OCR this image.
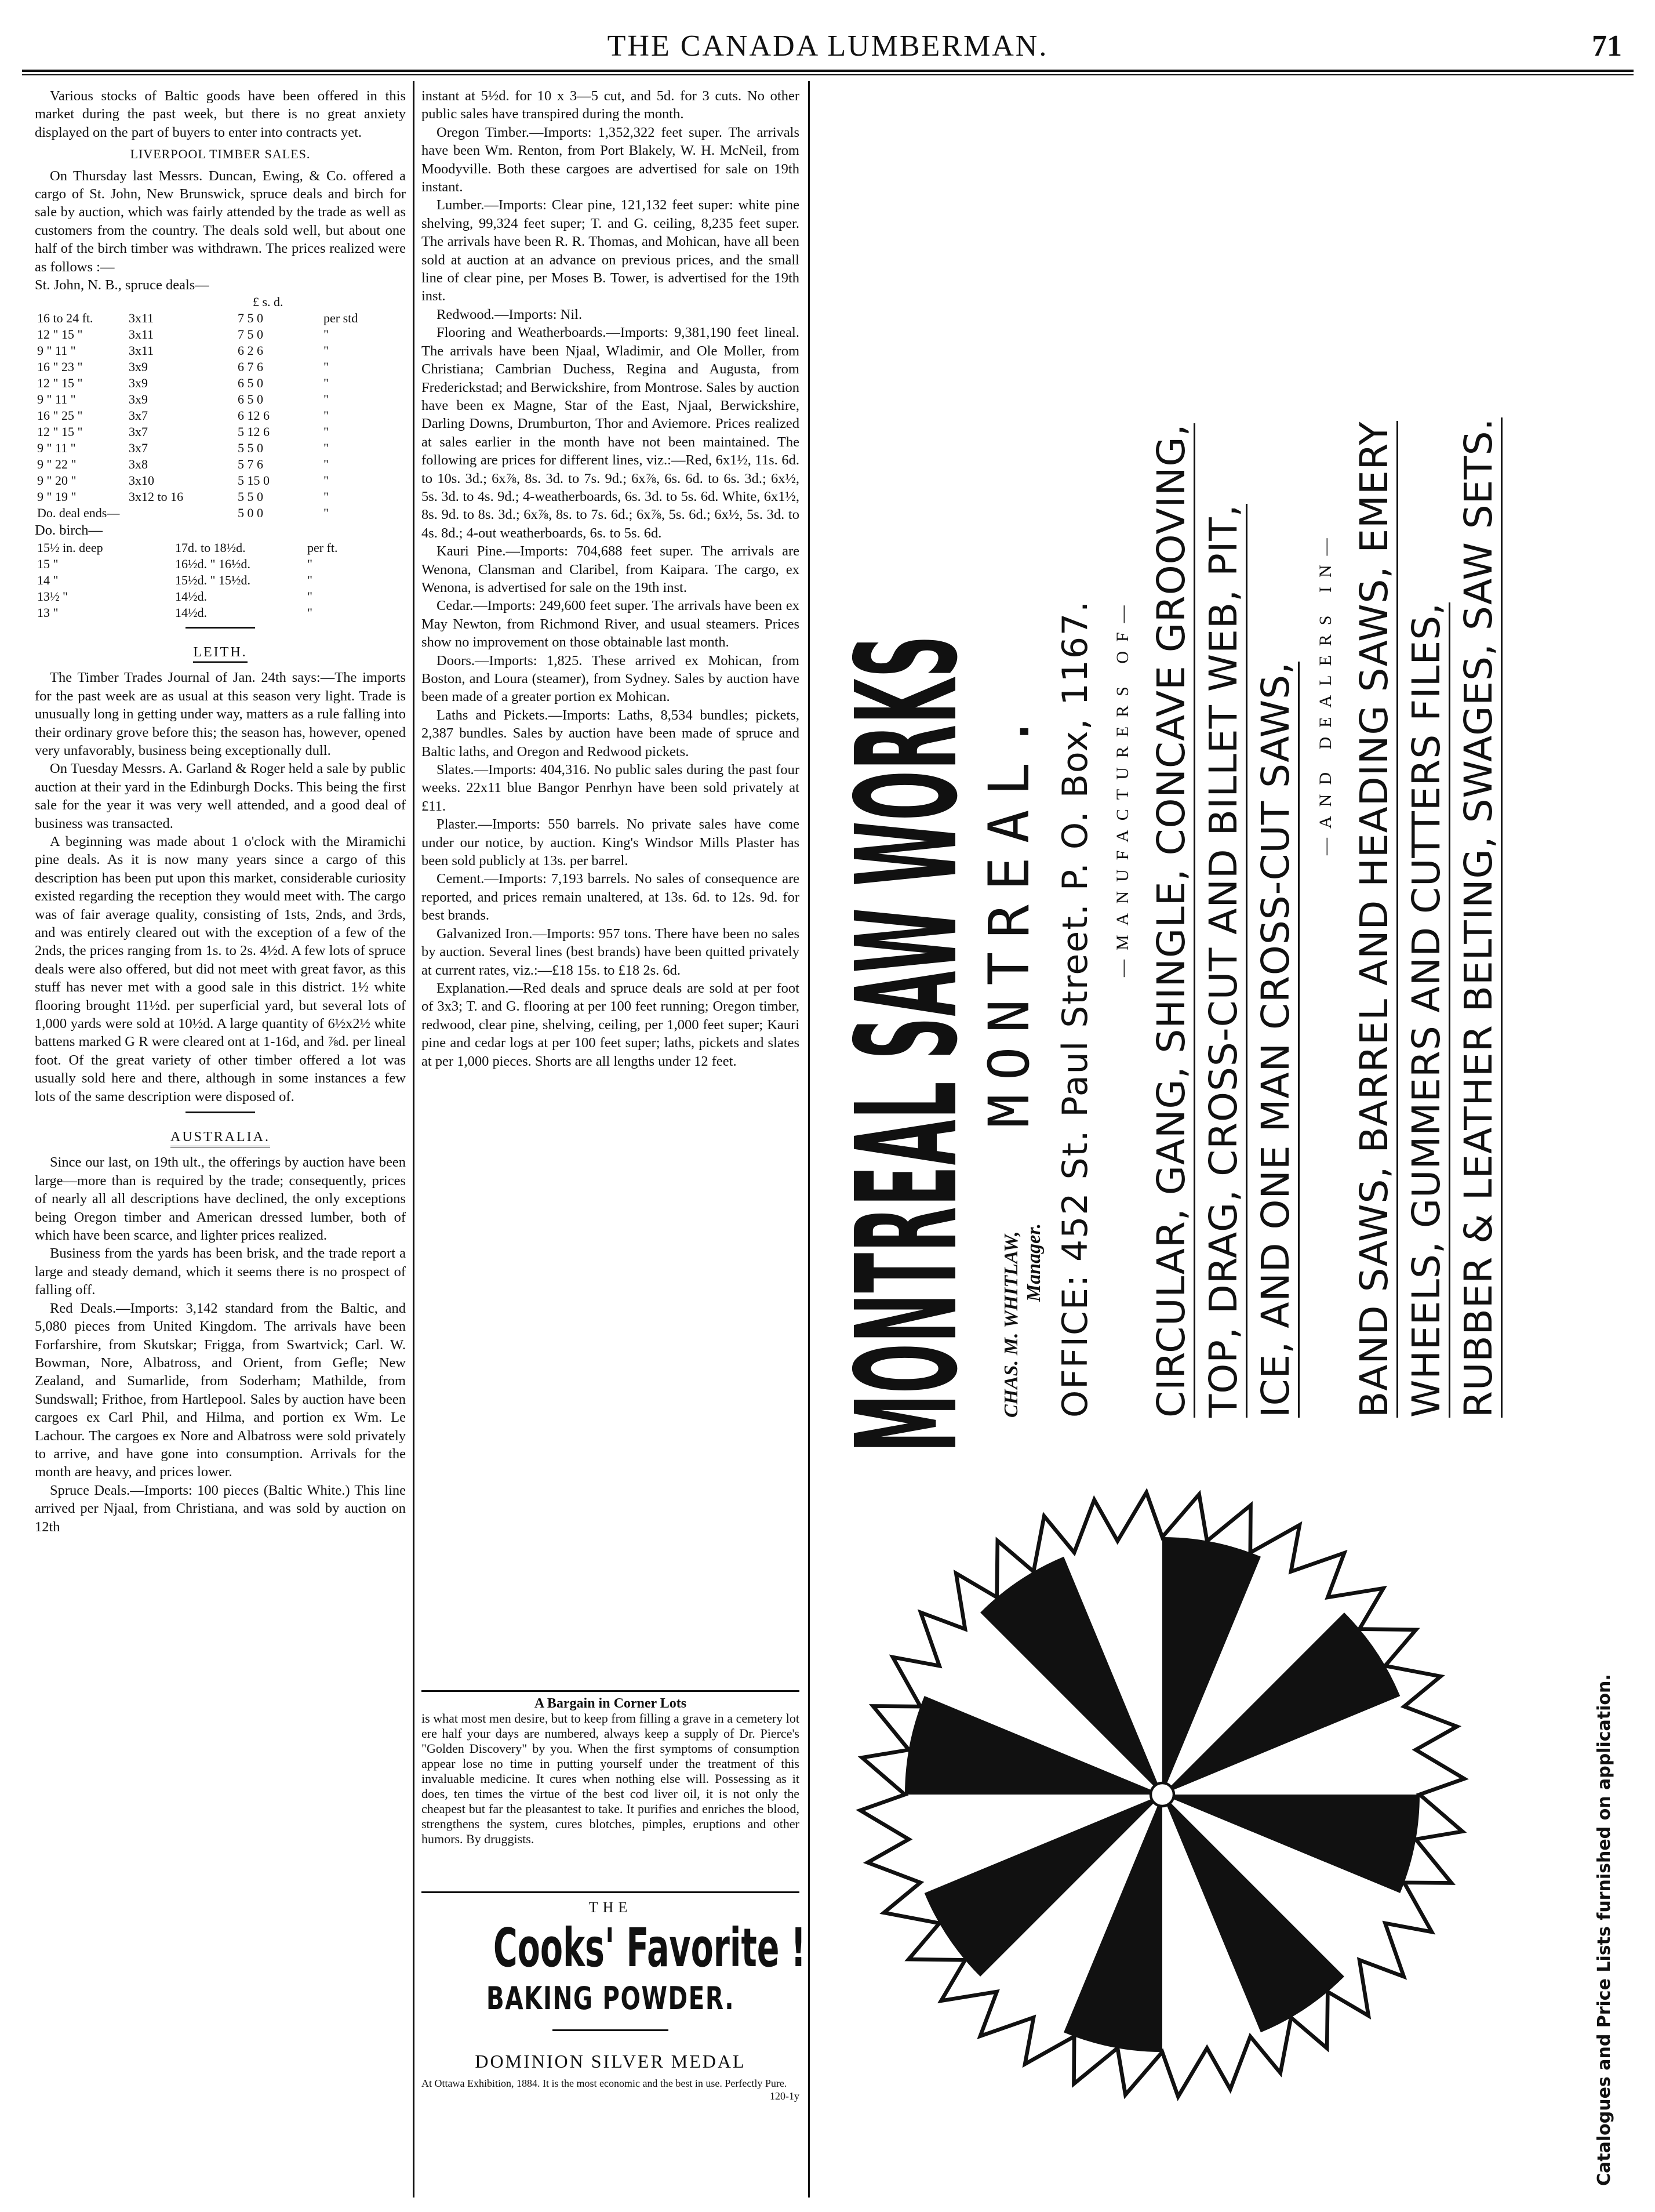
THE CANADA LUMBERMAN.	71

Various stocks of Baltic goods have been offered in this market during the past week, but there is no great anxiety displayed on the part of buyers to enter into contracts yet.

LIVERPOOL TIMBER SALES.

On Thursday last Messrs. Duncan, Ewing, & Co. offered a cargo of St. John, New Brunswick, spruce deals and birch for sale by auction, which was fairly attended by the trade as well as customers from the country. The deals sold well, but about one half of the birch timber was withdrawn. The prices realized were as follows :—

St. John, N. B., spruce deals—

		£ s. d.	
16 to 24 ft.	3x11	7 5 0	per std
12 " 15 "	3x11	7 5 0	"
9 " 11 "	3x11	6 2 6	"
16 " 23 "	3x9	6 7 6	"
12 " 15 "	3x9	6 5 0	"
9 " 11 "	3x9	6 5 0	"
16 " 25 "	3x7	6 12 6	"
12 " 15 "	3x7	5 12 6	"
9 " 11 "	3x7	5 5 0	"
9 " 22 "	3x8	5 7 6	"
9 " 20 "	3x10	5 15 0	"
9 " 19 "	3x12 to 16	5 5 0	"
Do. deal ends—		5 0 0	"

Do. birch—

15½ in. deep	17d. to 18½d.	per ft.
15 "	16½d. " 16½d.	"
14 "	15½d. " 15½d.	"
13½ "	14½d.	"
13 "	14½d.	"

LEITH.

The Timber Trades Journal of Jan. 24th says:—The imports for the past week are as usual at this season very light. Trade is unusually long in getting under way, matters as a rule falling into their ordinary grove before this; the season has, however, opened very unfavorably, business being exceptionally dull.

On Tuesday Messrs. A. Garland & Roger held a sale by public auction at their yard in the Edinburgh Docks. This being the first sale for the year it was very well attended, and a good deal of business was transacted.

A beginning was made about 1 o'clock with the Miramichi pine deals. As it is now many years since a cargo of this description has been put upon this market, considerable curiosity existed regarding the reception they would meet with. The cargo was of fair average quality, consisting of 1sts, 2nds, and 3rds, and was entirely cleared out with the exception of a few of the 2nds, the prices ranging from 1s. to 2s. 4½d. A few lots of spruce deals were also offered, but did not meet with great favor, as this stuff has never met with a good sale in this district. 1½ white flooring brought 11½d. per superficial yard, but several lots of 1,000 yards were sold at 10½d. A large quantity of 6½x2½ white battens marked G R were cleared ont at 1-16d, and ⅞d. per lineal foot. Of the great variety of other timber offered a lot was usually sold here and there, although in some instances a few lots of the same description were disposed of.

AUSTRALIA.

Since our last, on 19th ult., the offerings by auction have been large—more than is required by the trade; consequently, prices of nearly all all descriptions have declined, the only exceptions being Oregon timber and American dressed lumber, both of which have been scarce, and lighter prices realized.

Business from the yards has been brisk, and the trade report a large and steady demand, which it seems there is no prospect of falling off.

Red Deals.—Imports: 3,142 standard from the Baltic, and 5,080 pieces from United Kingdom. The arrivals have been Forfarshire, from Skutskar; Frigga, from Swartvick; Carl. W. Bowman, Nore, Albatross, and Orient, from Gefle; New Zealand, and Sumarlide, from Soderham; Mathilde, from Sundswall; Frithoe, from Hartlepool. Sales by auction have been cargoes ex Carl Phil, and Hilma, and portion ex Wm. Le Lachour. The cargoes ex Nore and Albatross were sold privately to arrive, and have gone into consumption. Arrivals for the month are heavy, and prices lower.

Spruce Deals.—Imports: 100 pieces (Baltic White.) This line arrived per Njaal, from Christiana, and was sold by auction on 12th

instant at 5½d. for 10 x 3—5 cut, and 5d. for 3 cuts. No other public sales have transpired during the month.

Oregon Timber.—Imports: 1,352,322 feet super. The arrivals have been Wm. Renton, from Port Blakely, W. H. McNeil, from Moodyville. Both these cargoes are advertised for sale on 19th instant.

Lumber.—Imports: Clear pine, 121,132 feet super: white pine shelving, 99,324 feet super; T. and G. ceiling, 8,235 feet super. The arrivals have been R. R. Thomas, and Mohican, have all been sold at auction at an advance on previous prices, and the small line of clear pine, per Moses B. Tower, is advertised for the 19th inst.

Redwood.—Imports: Nil.

Flooring and Weatherboards.—Imports: 9,381,190 feet lineal. The arrivals have been Njaal, Wladimir, and Ole Moller, from Christiana; Cambrian Duchess, Regina and Augusta, from Frederickstad; and Berwickshire, from Montrose. Sales by auction have been ex Magne, Star of the East, Njaal, Berwickshire, Darling Downs, Drumburton, Thor and Aviemore. Prices realized at sales earlier in the month have not been maintained. The following are prices for different lines, viz.:—Red, 6x1½, 11s. 6d. to 10s. 3d.; 6x⅞, 8s. 3d. to 7s. 9d.; 6x⅞, 6s. 6d. to 6s. 3d.; 6x½, 5s. 3d. to 4s. 9d.; 4-weatherboards, 6s. 3d. to 5s. 6d. White, 6x1½, 8s. 9d. to 8s. 3d.; 6x⅞, 8s. to 7s. 6d.; 6x⅞, 5s. 6d.; 6x½, 5s. 3d. to 4s. 8d.; 4-out weatherboards, 6s. to 5s. 6d.

Kauri Pine.—Imports: 704,688 feet super. The arrivals are Wenona, Clansman and Claribel, from Kaipara. The cargo, ex Wenona, is advertised for sale on the 19th inst.

Cedar.—Imports: 249,600 feet super. The arrivals have been ex May Newton, from Richmond River, and usual steamers. Prices show no improvement on those obtainable last month.

Doors.—Imports: 1,825. These arrived ex Mohican, from Boston, and Loura (steamer), from Sydney. Sales by auction have been made of a greater portion ex Mohican.

Laths and Pickets.—Imports: Laths, 8,534 bundles; pickets, 2,387 bundles. Sales by auction have been made of spruce and Baltic laths, and Oregon and Redwood pickets.

Slates.—Imports: 404,316. No public sales during the past four weeks. 22x11 blue Bangor Penrhyn have been sold privately at £11.

Plaster.—Imports: 550 barrels. No private sales have come under our notice, by auction. King's Windsor Mills Plaster has been sold publicly at 13s. per barrel.

Cement.—Imports: 7,193 barrels. No sales of consequence are reported, and prices remain unaltered, at 13s. 6d. to 12s. 9d. for best brands.

Galvanized Iron.—Imports: 957 tons. There have been no sales by auction. Several lines (best brands) have been quitted privately at current rates, viz.:—£18 15s. to £18 2s. 6d.

Explanation.—Red deals and spruce deals are sold at per foot of 3x3; T. and G. flooring at per 100 feet running; Oregon timber, redwood, clear pine, shelving, ceiling, per 1,000 feet super; Kauri pine and cedar logs at per 100 feet super; laths, pickets and slates at per 1,000 pieces. Shorts are all lengths under 12 feet.

A Bargain in Corner Lots
is what most men desire, but to keep from filling a grave in a cemetery lot ere half your days are numbered, always keep a supply of Dr. Pierce's "Golden Discovery" by you. When the first symptoms of consumption appear lose no time in putting yourself under the treatment of this invaluable medicine. It cures when nothing else will. Possessing as it does, ten times the virtue of the best cod liver oil, it is not only the cheapest but far the pleasantest to take. It purifies and enriches the blood, strengthens the system, cures blotches, pimples, eruptions and other humors. By druggists.
THE
Cooks' Favorite !
BAKING POWDER.
DOMINION SILVER MEDAL
At Ottawa Exhibition, 1884. It is the most economic and the best in use. Perfectly Pure.
120-1y
MONTREAL SAW WORKS CHAS. M. WHITLAW, Manager.
MONTREAL. OFFICE: 452 St. Paul Street. P. O. Box, 1167. —MANUFACTURERS OF— CIRCULAR, GANG, SHINGLE, CONCAVE GROOVING, TOP, DRAG, CROSS-CUT AND BILLET WEB, PIT, ICE, AND ONE MAN CROSS-CUT SAWS, —AND DEALERS IN— BAND SAWS, BARREL AND HEADING SAWS, EMERY WHEELS, GUMMERS AND CUTTERS FILES, RUBBER & LEATHER BELTING, SWAGES, SAW SETS.
Catalogues and Price Lists furnished on application.
